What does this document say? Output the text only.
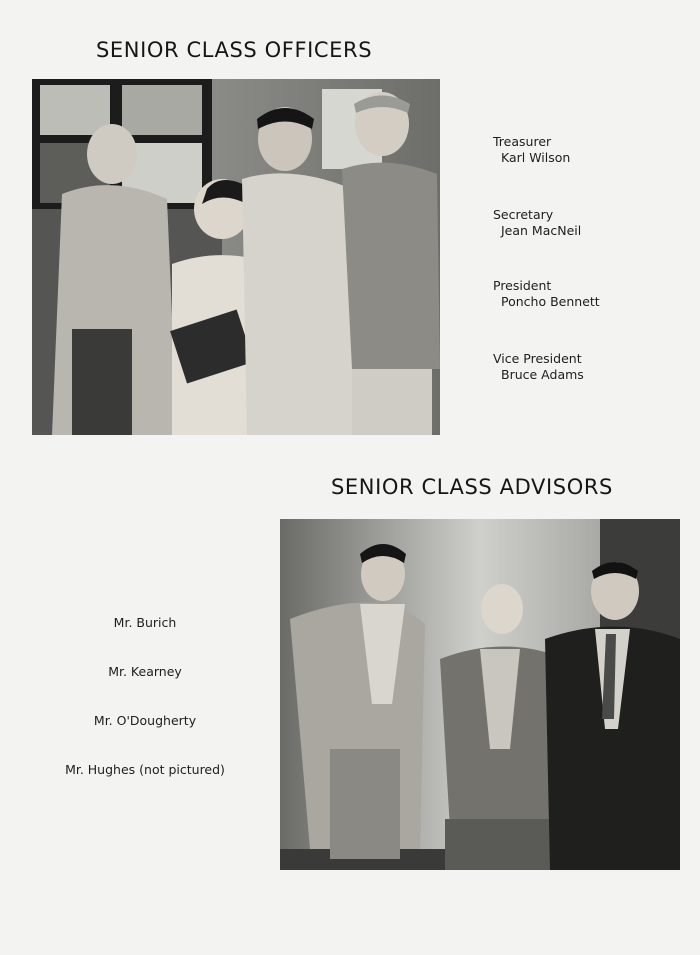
SENIOR CLASS OFFICERS
Treasurer
Karl Wilson
Secretary
Jean MacNeil
President
Poncho Bennett
Vice President
Bruce Adams
SENIOR CLASS ADVISORS
Mr. Burich
Mr. Kearney
Mr. O'Dougherty
Mr. Hughes (not pictured)
